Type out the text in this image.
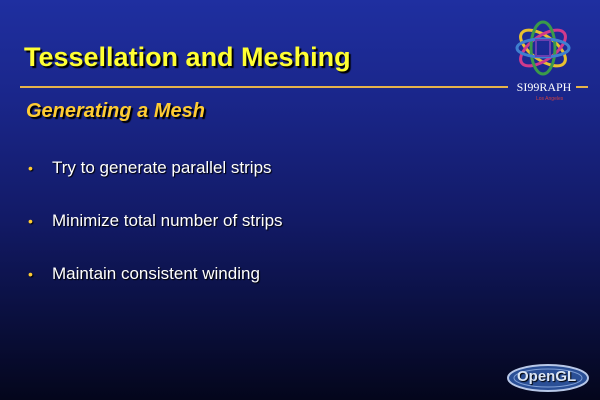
Tessellation and Meshing
SI99RAPH
Los Angeles
Generating a Mesh
•	Try to generate parallel strips
•	Minimize total number of strips
•	Maintain consistent winding
OpenGL
